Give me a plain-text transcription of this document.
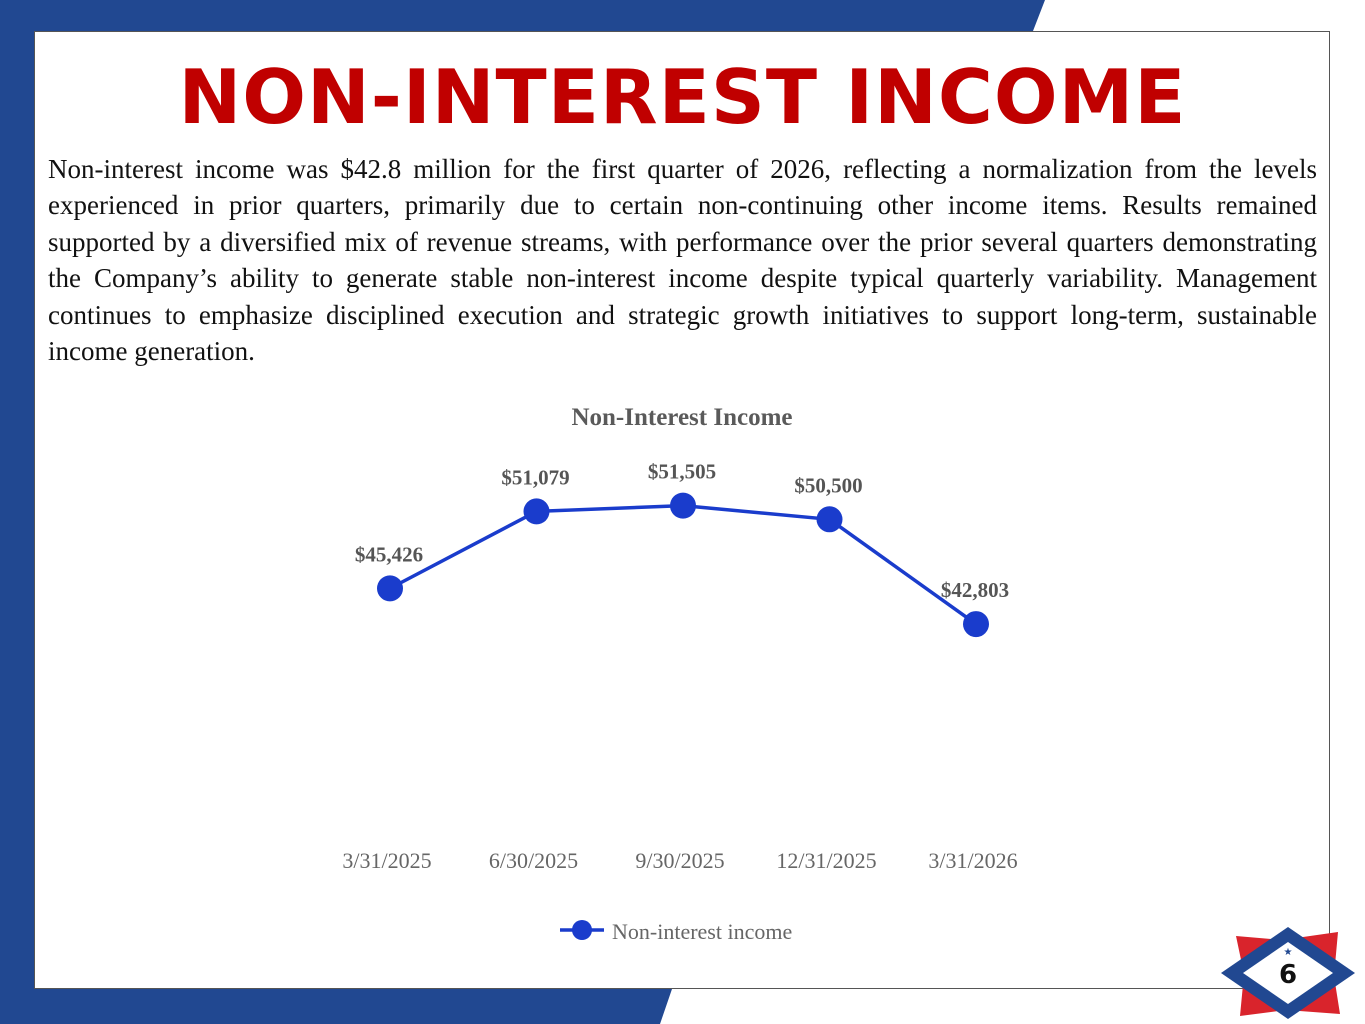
NON-INTEREST INCOME

Non-interest income was $42.8 million for the first quarter of 2026, reflecting a normalization from the levels experienced in prior quarters, primarily due to certain non-continuing other income items. Results remained supported by a diversified mix of revenue streams, with performance over the prior several quarters demonstrating the Company’s ability to generate stable non-interest income despite typical quarterly variability. Management continues to emphasize disciplined execution and strategic growth initiatives to support long-term, sustainable income generation.

Non-Interest Income
$45,426
$51,079	$51,505
$50,500
$42,803
3/31/2025	6/30/2025	9/30/2025 12/31/2025 3/31/2026
Non-interest income
★
6
